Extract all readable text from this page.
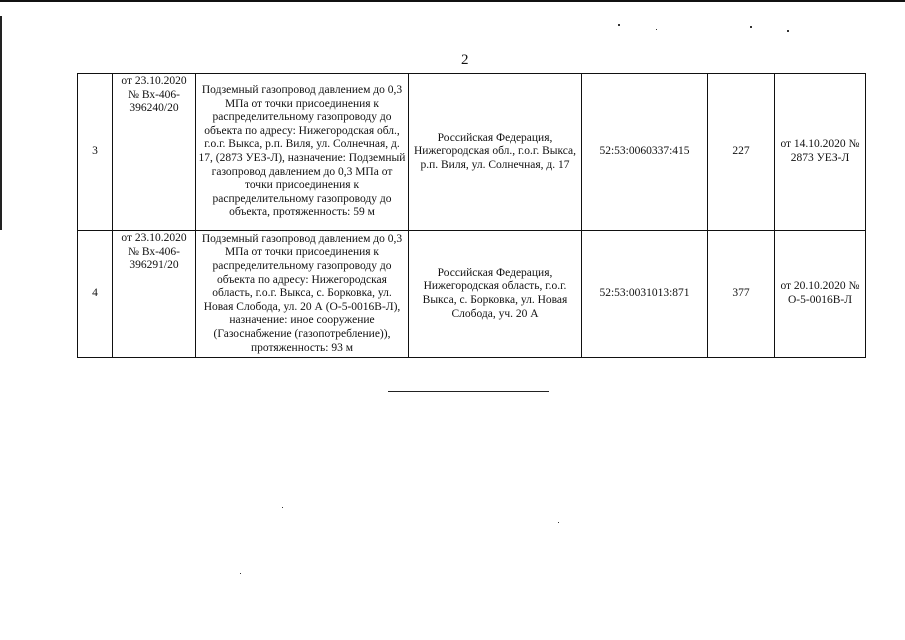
2
3	от 23.10.2020 № Вх-406-396240/20	Подземный газопровод давлением до 0,3 МПа от точки присоединения к распределительному газопроводу до объекта по адресу: Нижегородская обл., г.о.г. Выкса, р.п. Виля, ул. Солнечная, д. 17, (2873 УЕЗ-Л), назначение: Подземный газопровод давлением до 0,3 МПа от точки присоединения к распределительному газопроводу до объекта, протяженность: 59 м	Российская Федерация, Нижегородская обл., г.о.г. Выкса, р.п. Виля, ул. Солнечная, д. 17	52:53:0060337:415	227	от 14.10.2020 № 2873 УЕЗ-Л
4	от 23.10.2020 № Вх-406-396291/20	Подземный газопровод давлением до 0,3 МПа от точки присоединения к распределительному газопроводу до объекта по адресу: Нижегородская область, г.о.г. Выкса, с. Борковка, ул. Новая Слобода, ул. 20 А (О-5-0016В-Л), назначение: иное сооружение (Газоснабжение (газопотребление)), протяженность: 93 м	Российская Федерация, Нижегородская область, г.о.г. Выкса, с. Борковка, ул. Новая Слобода, уч. 20 А	52:53:0031013:871	377	от 20.10.2020 № О-5-0016В-Л
